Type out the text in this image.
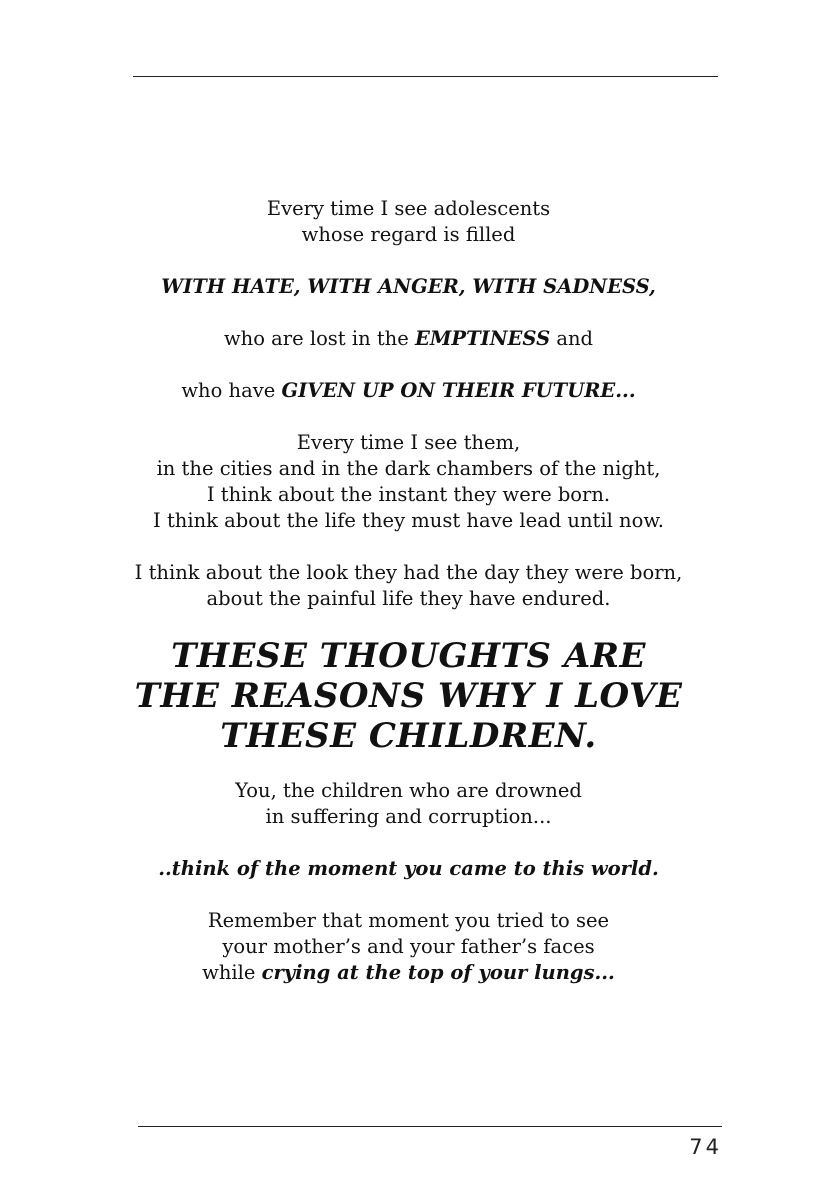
Every time I see adolescents
whose regard is filled
WITH HATE, WITH ANGER, WITH SADNESS,
who are lost in the EMPTINESS and
who have GIVEN UP ON THEIR FUTURE...
Every time I see them,
in the cities and in the dark chambers of the night,
I think about the instant they were born.
I think about the life they must have lead until now.
I think about the look they had the day they were born,
about the painful life they have endured.
THESE THOUGHTS ARE
THE REASONS WHY I LOVE
THESE CHILDREN.
You, the children who are drowned
in suffering and corruption...
..think of the moment you came to this world.
Remember that moment you tried to see
your mother’s and your father’s faces
while crying at the top of your lungs...
74
